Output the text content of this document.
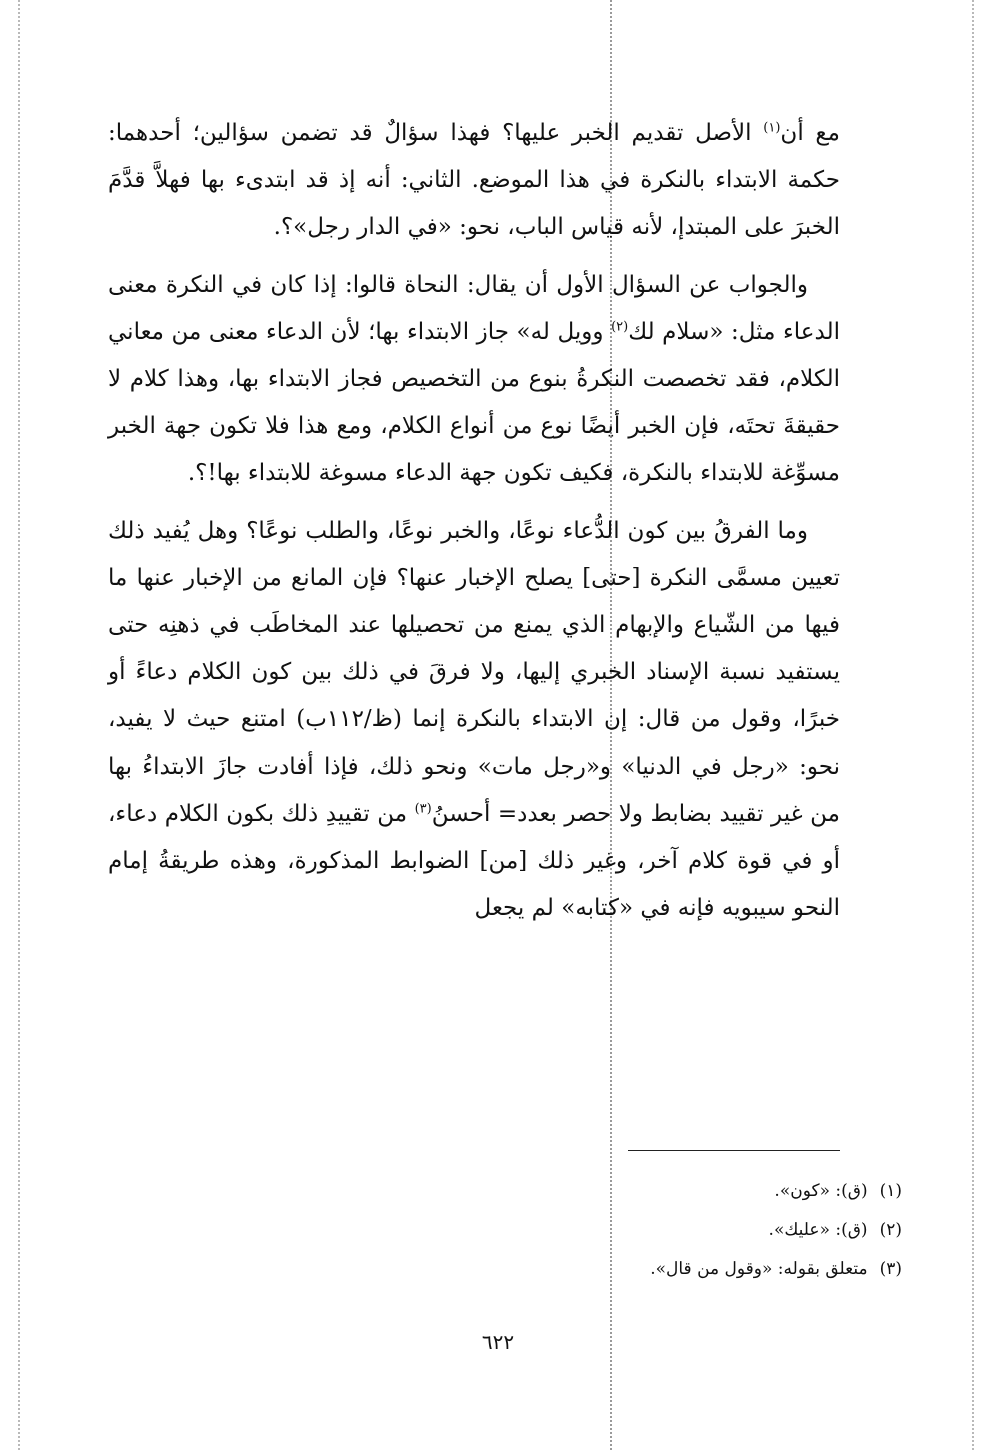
مع أن$^{(١)}$ الأصل تقديم الخبر عليها؟ فهذا سؤالٌ قد تضمن سؤالين؛ أحدهما: حكمة الابتداء بالنكرة في هذا الموضع. الثاني: أنه إذ قد ابتدىء بها فهلاَّ قدَّمَ الخبرَ على المبتدإ، لأنه قياس الباب، نحو: «في الدار رجل»؟.

والجواب عن السؤال الأول أن يقال: النحاة قالوا: إذا كان في النكرة معنى الدعاء مثل: «سلام لك$^{(٢)}$ وويل له» جاز الابتداء بها؛ لأن الدعاء معنى من معاني الكلام، فقد تخصصت النكرةُ بنوع من التخصيص فجاز الابتداء بها، وهذا كلام لا حقيقةَ تحتَه، فإن الخبر أيضًا نوع من أنواع الكلام، ومع هذا فلا تكون جهة الخبر مسوِّغة للابتداء بالنكرة، فكيف تكون جهة الدعاء مسوغة للابتداء بها!؟.

وما الفرقُ بين كون الدُّعاء نوعًا، والخبر نوعًا، والطلب نوعًا؟ وهل يُفيد ذلك تعيين مسمَّى النكرة [حتى] يصلح الإخبار عنها؟ فإن المانع من الإخبار عنها ما فيها من الشّياع والإبهام الذي يمنع من تحصيلها عند المخاطَب في ذهنِه حتى يستفيد نسبة الإسناد الخبري إليها، ولا فرقَ في ذلك بين كون الكلام دعاءً أو خبرًا، وقول من قال: إن الابتداء بالنكرة إنما (ظ/١١٢ب) امتنع حيث لا يفيد، نحو: «رجل في الدنيا» و«رجل مات» ونحو ذلك، فإذا أفادت جازَ الابتداءُ بها من غير تقييد بضابط ولا حصر بعدد= أحسنُ$^{(٣)}$ من تقييدِ ذلك بكون الكلام دعاء، أو في قوة كلام آخر، وغير ذلك [من] الضوابط المذكورة، وهذه طريقةُ إمام النحو سيبويه فإنه في «كتابه» لم يجعل

(١)(ق): «كون».
(٢)(ق): «عليك».
(٣)متعلق بقوله: «وقول من قال».
٦٢٢
